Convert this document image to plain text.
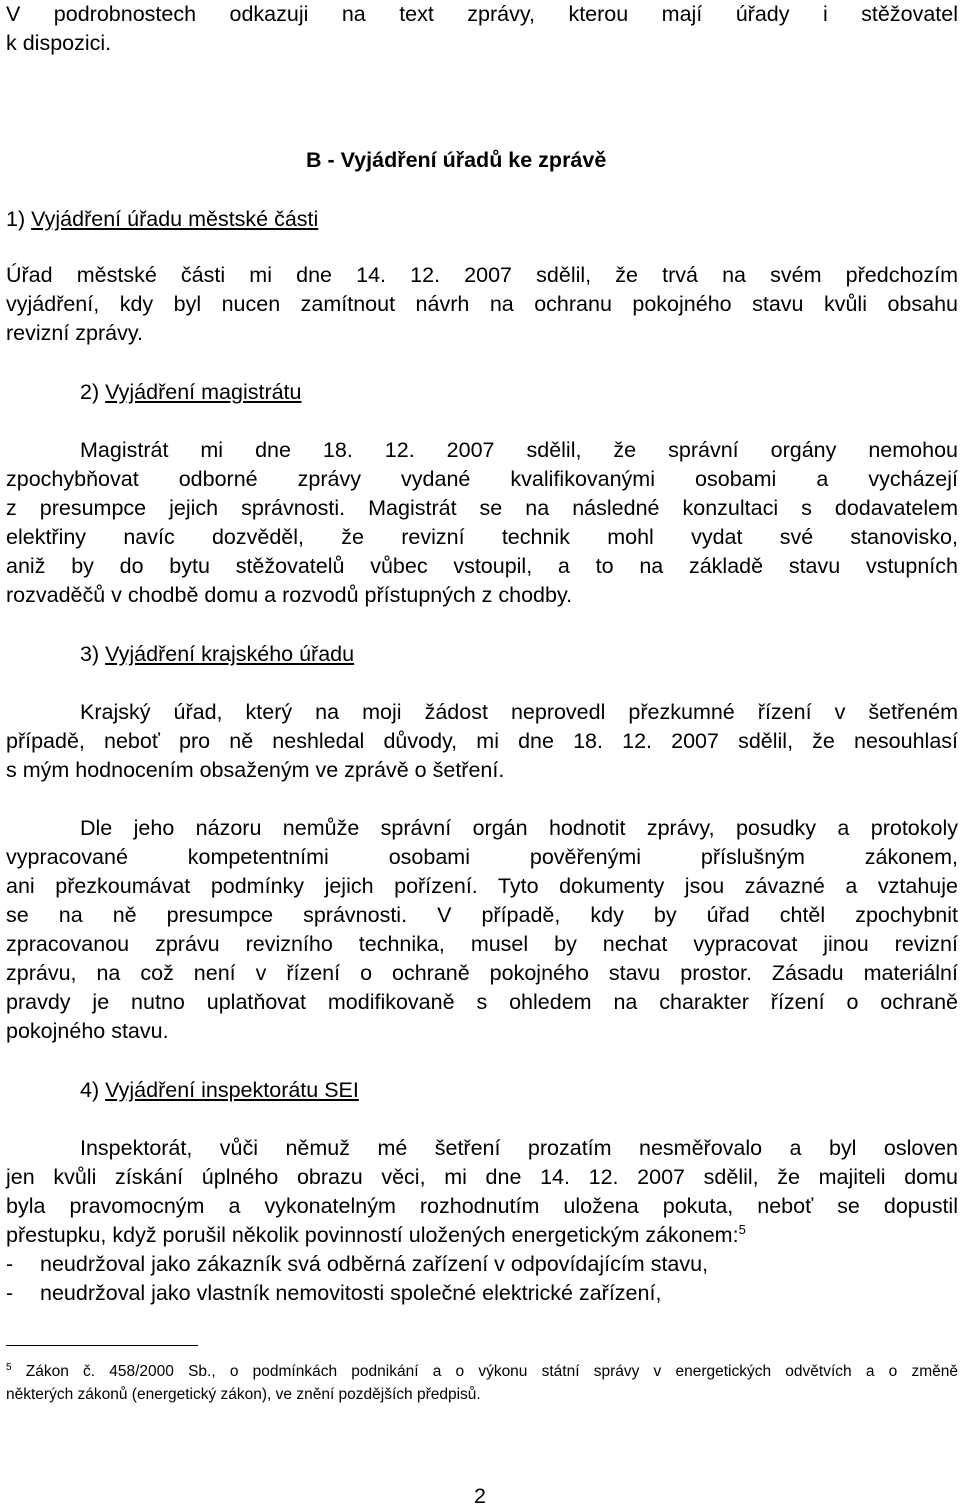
V podrobnostech odkazuji na text zprávy, kterou mají úřady i stěžovatel
k dispozici.
B - Vyjádření úřadů ke zprávě
1) Vyjádření úřadu městské části
Úřad městské části mi dne 14. 12. 2007 sdělil, že trvá na svém předchozím
vyjádření, kdy byl nucen zamítnout návrh na ochranu pokojného stavu kvůli obsahu
revizní zprávy.
2) Vyjádření magistrátu
Magistrát mi dne 18. 12. 2007 sdělil, že správní orgány nemohou
zpochybňovat odborné zprávy vydané kvalifikovanými osobami a vycházejí
z presumpce jejich správnosti. Magistrát se na následné konzultaci s dodavatelem
elektřiny navíc dozvěděl, že revizní technik mohl vydat své stanovisko,
aniž by do bytu stěžovatelů vůbec vstoupil, a to na základě stavu vstupních
rozvaděčů v chodbě domu a rozvodů přístupných z chodby.
3) Vyjádření krajského úřadu
Krajský úřad, který na moji žádost neprovedl přezkumné řízení v šetřeném
případě, neboť pro ně neshledal důvody, mi dne 18. 12. 2007 sdělil, že nesouhlasí
s mým hodnocením obsaženým ve zprávě o šetření.
Dle jeho názoru nemůže správní orgán hodnotit zprávy, posudky a protokoly
vypracované kompetentními osobami pověřenými příslušným zákonem,
ani přezkoumávat podmínky jejich pořízení. Tyto dokumenty jsou závazné a vztahuje
se na ně presumpce správnosti. V případě, kdy by úřad chtěl zpochybnit
zpracovanou zprávu revizního technika, musel by nechat vypracovat jinou revizní
zprávu, na což není v řízení o ochraně pokojného stavu prostor. Zásadu materiální
pravdy je nutno uplatňovat modifikovaně s ohledem na charakter řízení o ochraně
pokojného stavu.
4) Vyjádření inspektorátu SEI
Inspektorát, vůči němuž mé šetření prozatím nesměřovalo a byl osloven
jen kvůli získání úplného obrazu věci, mi dne 14. 12. 2007 sdělil, že majiteli domu
byla pravomocným a vykonatelným rozhodnutím uložena pokuta, neboť se dopustil
přestupku, když porušil několik povinností uložených energetickým zákonem:$^5$
- neudržoval jako zákazník svá odběrná zařízení v odpovídajícím stavu,
- neudržoval jako vlastník nemovitosti společné elektrické zařízení,
$^5$ Zákon č. 458/2000 Sb., o podmínkách podnikání a o výkonu státní správy v energetických odvětvích a o změně
některých zákonů (energetický zákon), ve znění pozdějších předpisů.
2
